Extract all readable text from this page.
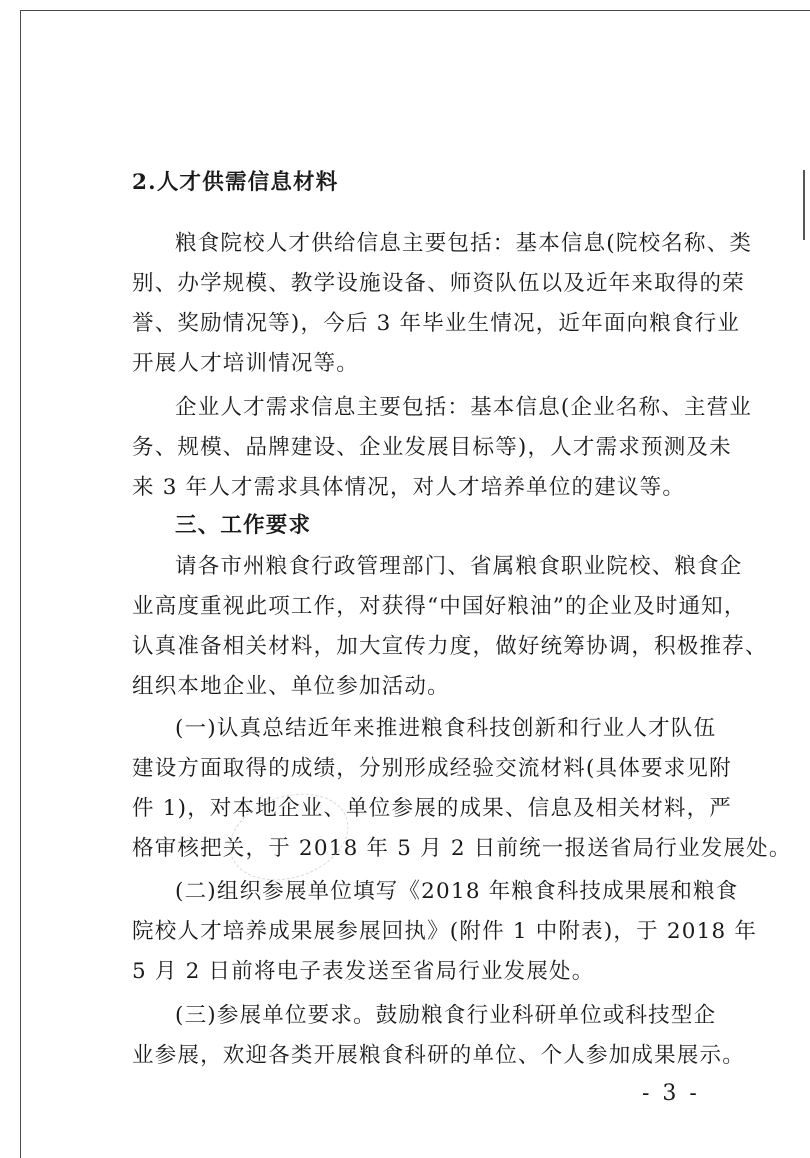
2.人才供需信息材料
粮食院校人才供给信息主要包括：基本信息(院校名称、类
别、办学规模、教学设施设备、师资队伍以及近年来取得的荣
誉、奖励情况等)，今后 3 年毕业生情况，近年面向粮食行业
开展人才培训情况等。
企业人才需求信息主要包括：基本信息(企业名称、主营业
务、规模、品牌建设、企业发展目标等)，人才需求预测及未
来 3 年人才需求具体情况，对人才培养单位的建议等。
三、工作要求
请各市州粮食行政管理部门、省属粮食职业院校、粮食企
业高度重视此项工作，对获得“中国好粮油”的企业及时通知，
认真准备相关材料，加大宣传力度，做好统筹协调，积极推荐、
组织本地企业、单位参加活动。
(一)认真总结近年来推进粮食科技创新和行业人才队伍
建设方面取得的成绩，分别形成经验交流材料(具体要求见附
件 1)，对本地企业、单位参展的成果、信息及相关材料，严
格审核把关，于 2018 年 5 月 2 日前统一报送省局行业发展处。
(二)组织参展单位填写《2018 年粮食科技成果展和粮食
院校人才培养成果展参展回执》(附件 1 中附表)，于 2018 年
5 月 2 日前将电子表发送至省局行业发展处。
(三)参展单位要求。鼓励粮食行业科研单位或科技型企
业参展，欢迎各类开展粮食科研的单位、个人参加成果展示。
- 3 -
